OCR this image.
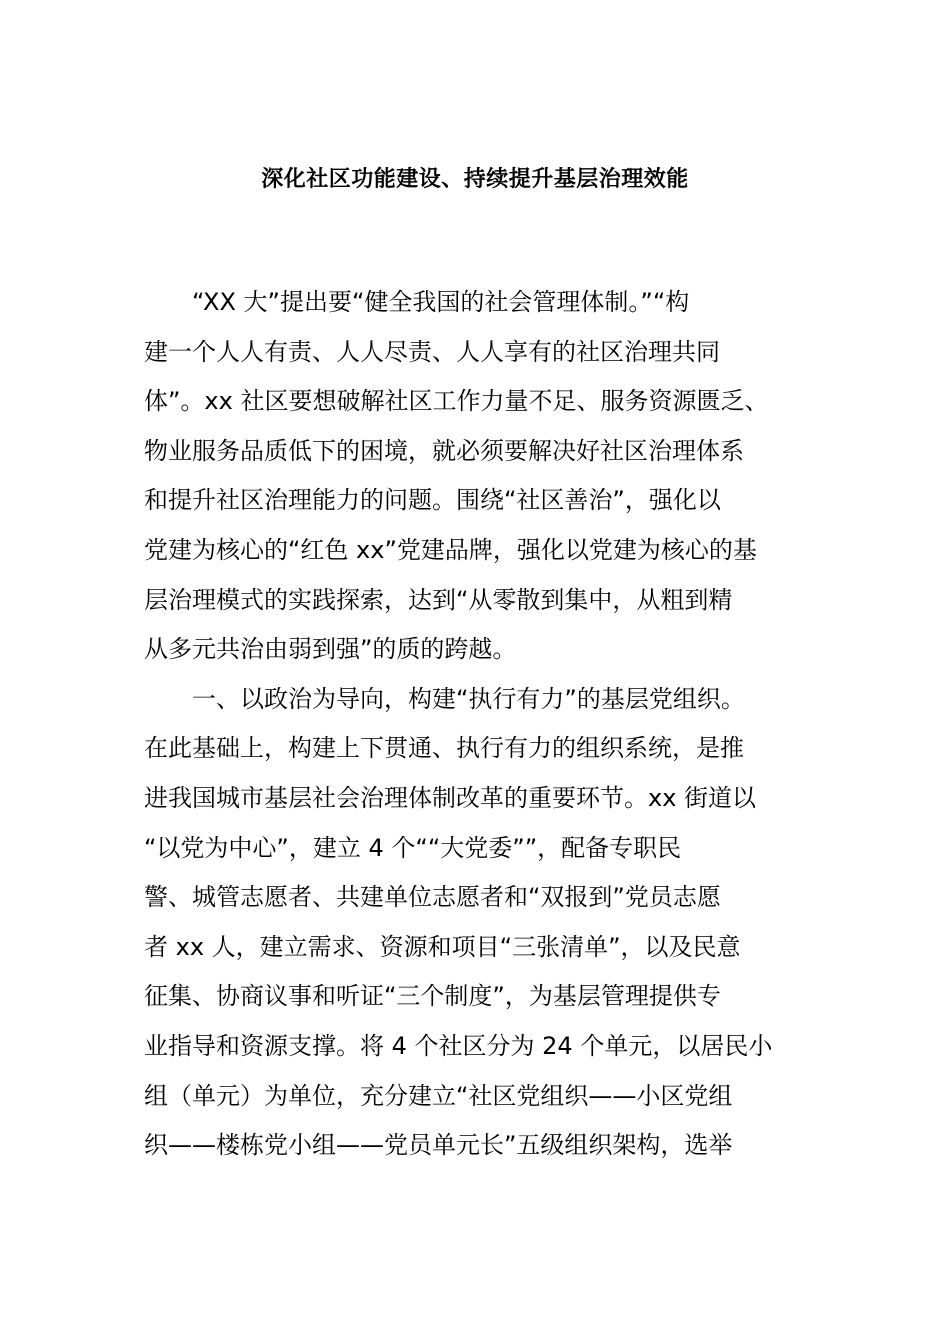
深化社区功能建设、持续提升基层治理效能
“XX 大”提出要“健全我国的社会管理体制。”“构
建一个人人有责、人人尽责、人人享有的社区治理共同
体”。xx 社区要想破解社区工作力量不足、服务资源匮乏、
物业服务品质低下的困境，就必须要解决好社区治理体系
和提升社区治理能力的问题。围绕“社区善治”，强化以
党建为核心的“红色 xx”党建品牌，强化以党建为核心的基
层治理模式的实践探索，达到“从零散到集中，从粗到精
从多元共治由弱到强”的质的跨越。
一、以政治为导向，构建“执行有力”的基层党组织。
在此基础上，构建上下贯通、执行有力的组织系统，是推
进我国城市基层社会治理体制改革的重要环节。xx 街道以
“以党为中心”，建立 4 个““大党委””，配备专职民
警、城管志愿者、共建单位志愿者和“双报到”党员志愿
者 xx 人，建立需求、资源和项目“三张清单”，以及民意
征集、协商议事和听证“三个制度”，为基层管理提供专
业指导和资源支撑。将 4 个社区分为 24 个单元，以居民小
组（单元）为单位，充分建立“社区党组织——小区党组
织——楼栋党小组——党员单元长”五级组织架构，选举
